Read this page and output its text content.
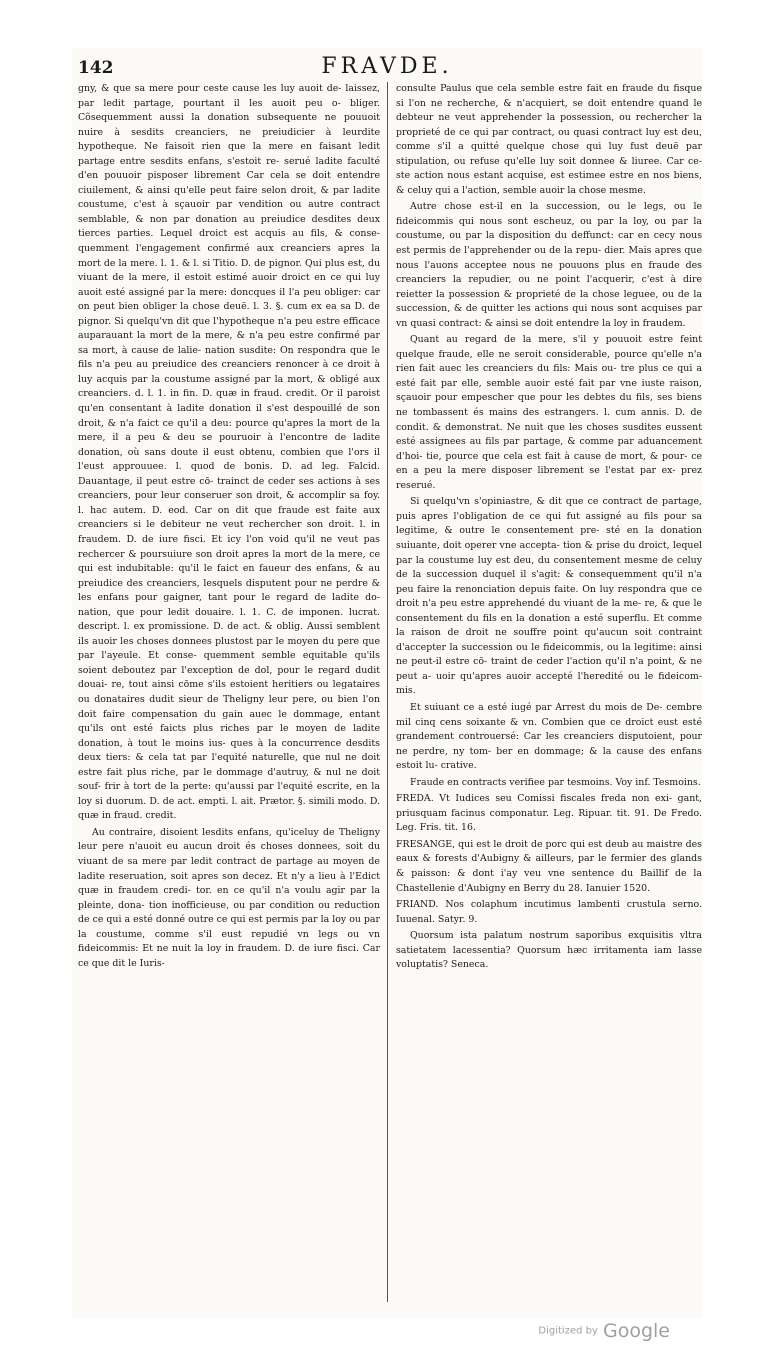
142	FRAVDE.

gny, & que sa mere pour ceste cause les luy auoit de- laissez, par ledit partage, pourtant il les auoit peu o- bliger. Cõsequemment aussi la donation subsequente ne pouuoit nuire à sesdits creanciers, ne preiudicier à leurdite hypotheque. Ne faisoit rien que la mere en faisant ledit partage entre sesdits enfans, s'estoit re- serué ladite faculté d'en pouuoir pisposer librement Car cela se doit entendre ciuilement, & ainsi qu'elle peut faire selon droit, & par ladite coustume, c'est à sçauoir par vendition ou autre contract semblable, & non par donation au preiudice desdites deux tierces parties. Lequel droict est acquis au fils, & conse- quemment l'engagement confirmé aux creanciers apres la mort de la mere. l. 1. & l. si Titio. D. de pignor. Qui plus est, du viuant de la mere, il estoit estimé auoir droict en ce qui luy auoit esté assigné par la mere: doncques il l'a peu obliger: car on peut bien obliger la chose deuë. l. 3. §. cum ex ea sa D. de pignor. Si quelqu'vn dit que l'hypotheque n'a peu estre efficace auparauant la mort de la mere, & n'a peu estre confirmé par sa mort, à cause de lalie- nation susdite: On respondra que le fils n'a peu au preiudice des creanciers renoncer à ce droit à luy acquis par la coustume assigné par la mort, & obligé aux creanciers. d. l. 1. in fin. D. quæ in fraud. credit. Or il paroist qu'en consentant à ladite donation il s'est despouillé de son droit, & n'a faict ce qu'il a deu: pource qu'apres la mort de la mere, il a peu & deu se pouruoir à l'encontre de ladite donation, où sans doute il eust obtenu, combien que l'ors il l'eust approuuee. l. quod de bonis. D. ad leg. Falcid. Dauantage, il peut estre cō- trainct de ceder ses actions à ses creanciers, pour leur conseruer son droit, & accomplir sa foy. l. hac autem. D. eod. Car on dit que fraude est faite aux creanciers si le debiteur ne veut rechercher son droit. l. in fraudem. D. de iure fisci. Et icy l'on void qu'il ne veut pas rechercer & poursuiure son droit apres la mort de la mere, ce qui est indubitable: qu'il le faict en faueur des enfans, & au preiudice des creanciers, lesquels disputent pour ne perdre & les enfans pour gaigner, tant pour le regard de ladite do- nation, que pour ledit douaire. l. 1. C. de imponen. lucrat. descript. l. ex promissione. D. de act. & oblig. Aussi semblent ils auoir les choses donnees plustost par le moyen du pere que par l'ayeule. Et conse- quemment semble equitable qu'ils soient deboutez par l'exception de dol, pour le regard dudit douai- re, tout ainsi cōme s'ils estoient heritiers ou legataires ou donataires dudit sieur de Theligny leur pere, ou bien l'on doit faire compensation du gain auec le dommage, entant qu'ils ont esté faicts plus riches par le moyen de ladite donation, à tout le moins ius- ques à la concurrence desdits deux tiers: & cela tat par l'equité naturelle, que nul ne doit estre fait plus riche, par le dommage d'autruy, & nul ne doit souf- frir à tort de la perte: qu'aussi par l'equité escrite, en la loy si duorum. D. de act. empti. l. ait. Prætor. §. simili modo. D. quæ in fraud. credit.

Au contraire, disoient lesdits enfans, qu'iceluy de Theligny leur pere n'auoit eu aucun droit és choses donnees, soit du viuant de sa mere par ledit contract de partage au moyen de ladite reseruation, soit apres son decez. Et n'y a lieu à l'Edict quæ in fraudem credi- tor. en ce qu'il n'a voulu agir par la pleinte, dona- tion inofficieuse, ou par condition ou reduction de ce qui a esté donné outre ce qui est permis par la loy ou par la coustume, comme s'il eust repudié vn legs ou vn fideicommis: Et ne nuit la loy in fraudem. D. de iure fisci. Car ce que dit le Iuris-

consulte Paulus que cela semble estre fait en fraude du fisque si l'on ne recherche, & n'acquiert, se doit entendre quand le debteur ne veut apprehender la possession, ou rechercher la proprieté de ce qui par contract, ou quasi contract luy est deu, comme s'il a quitté quelque chose qui luy fust deuë par stipulation, ou refuse qu'elle luy soit donnee & liuree. Car ce- ste action nous estant acquise, est estimee estre en nos biens, & celuy qui a l'action, semble auoir la chose mesme.

Autre chose est-il en la succession, ou le legs, ou le fideicommis qui nous sont escheuz, ou par la loy, ou par la coustume, ou par la disposition du deffunct: car en cecy nous est permis de l'apprehender ou de la repu- dier. Mais apres que nous l'auons acceptee nous ne pouuons plus en fraude des creanciers la repudier, ou ne point l'acquerir, c'est à dire reietter la possession & proprieté de la chose leguee, ou de la succession, & de quitter les actions qui nous sont acquises par vn quasi contract: & ainsi se doit entendre la loy in fraudem.

Quant au regard de la mere, s'il y pouuoit estre feint quelque fraude, elle ne seroit considerable, pource qu'elle n'a rien fait auec les creanciers du fils: Mais ou- tre plus ce qui a esté fait par elle, semble auoir esté fait par vne iuste raison, sçauoir pour empescher que pour les debtes du fils, ses biens ne tombassent és mains des estrangers. l. cum annis. D. de condit. & demonstrat. Ne nuit que les choses susdites eussent esté assignees au fils par partage, & comme par aduancement d'hoi- tie, pource que cela est fait à cause de mort, & pour- ce en a peu la mere disposer librement se l'estat par ex- prez reserué.

Si quelqu'vn s'opiniastre, & dit que ce contract de partage, puis apres l'obligation de ce qui fut assigné au fils pour sa legitime, & outre le consentement pre- sté en la donation suiuante, doit operer vne accepta- tion & prise du droict, lequel par la coustume luy est deu, du consentement mesme de celuy de la succession duquel il s'agit: & consequemment qu'il n'a peu faire la renonciation depuis faite. On luy respondra que ce droit n'a peu estre apprehendé du viuant de la me- re, & que le consentement du fils en la donation a esté superflu. Et comme la raison de droit ne souffre point qu'aucun soit contraint d'accepter la succession ou le fideicommis, ou la legitime: ainsi ne peut-il estre cō- traint de ceder l'action qu'il n'a point, & ne peut a- uoir qu'apres auoir accepté l'heredité ou le fideicom- mis.

Et suiuant ce a esté iugé par Arrest du mois de De- cembre mil cinq cens soixante & vn. Combien que ce droict eust esté grandement controuersé: Car les creanciers disputoient, pour ne perdre, ny tom- ber en dommage; & la cause des enfans estoit lu- crative.

Fraude en contracts verifiee par tesmoins. Voy inf. Tesmoins.

FREDA. Vt Iudices seu Comissi fiscales freda non exi- gant, priusquam facinus componatur. Leg. Ripuar. tit. 91. De Fredo. Leg. Fris. tit. 16.

FRESANGE, qui est le droit de porc qui est deub au maistre des eaux & forests d'Aubigny & ailleurs, par le fermier des glands & paisson: & dont i'ay veu vne sentence du Baillif de la Chastellenie d'Aubigny en Berry du 28. Ianuier 1520.

FRIAND. Nos colaphum incutimus lambenti crustula serno. Iuuenal. Satyr. 9.

Quorsum ista palatum nostrum saporibus exquisitis vltra satietatem lacessentia? Quorsum hæc irritamenta iam lasse voluptatis? Seneca.

Digitized by Google
